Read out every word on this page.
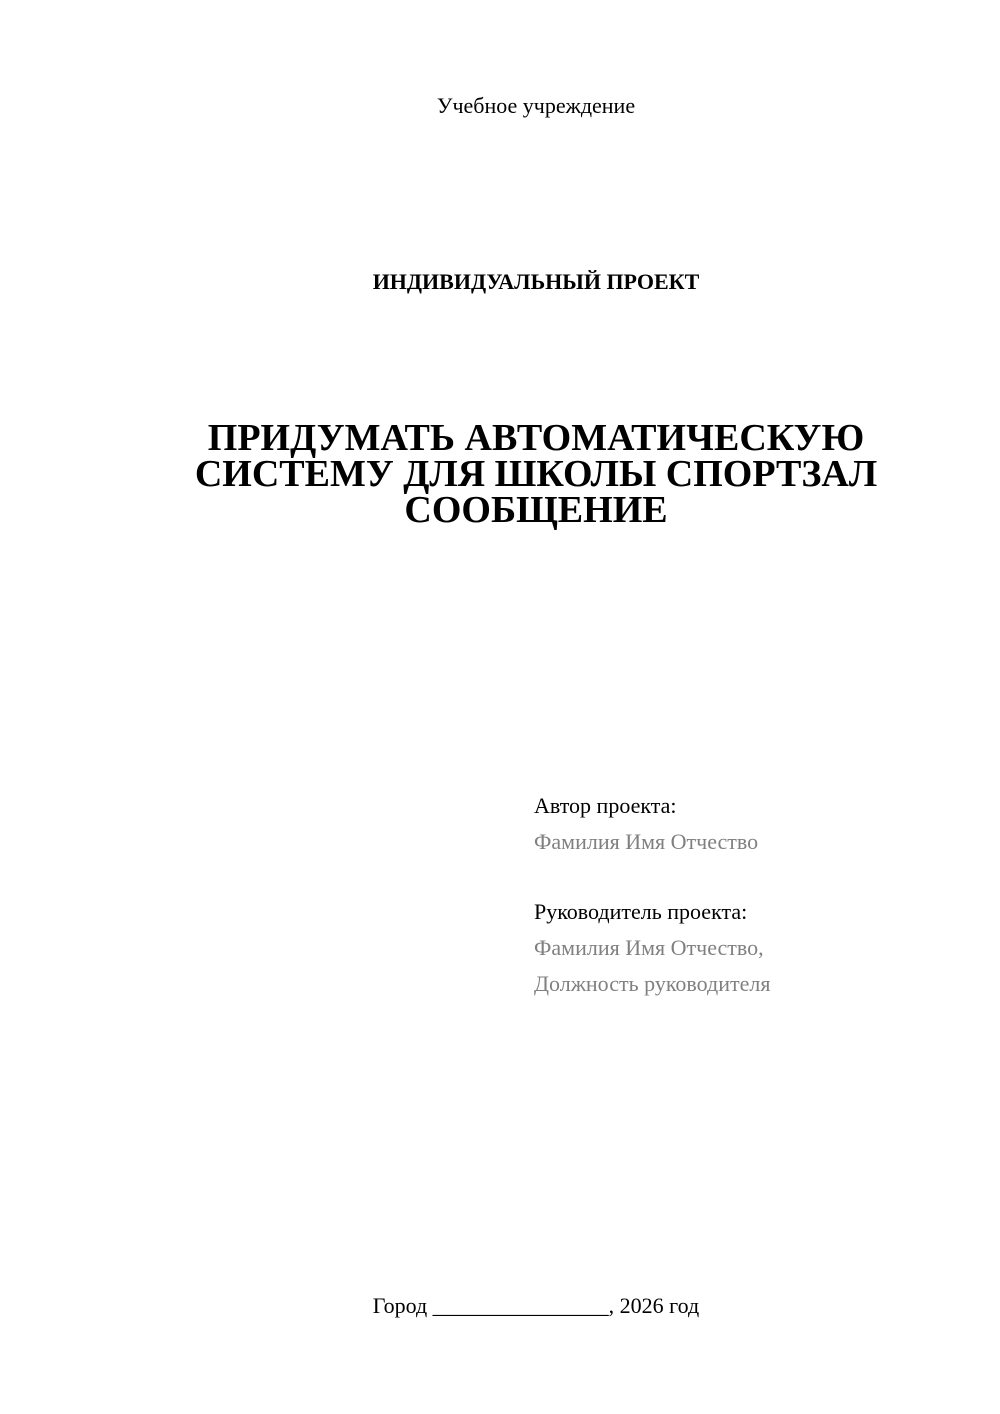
Учебное учреждение
ИНДИВИДУАЛЬНЫЙ ПРОЕКТ
ПРИДУМАТЬ АВТОМАТИЧЕСКУЮ
СИСТЕМУ ДЛЯ ШКОЛЫ СПОРТЗАЛ
СООБЩЕНИЕ
Автор проекта:
Фамилия Имя Отчество
Руководитель проекта:
Фамилия Имя Отчество,
Должность руководителя
Город ________________, 2026 год
